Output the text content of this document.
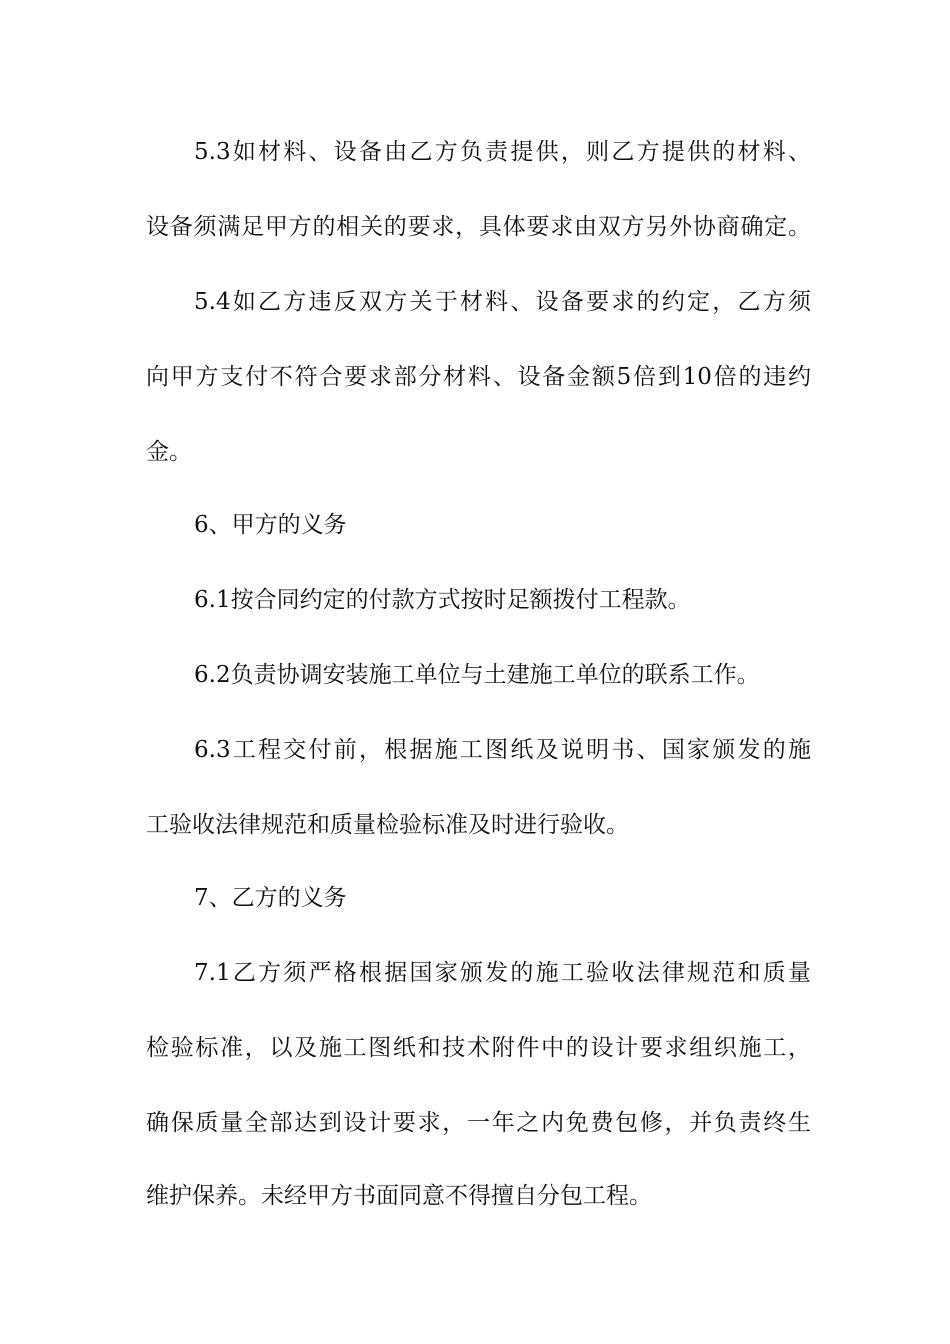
5.3如材料、设备由乙方负责提供，则乙方提供的材料、
设备须满足甲方的相关的要求，具体要求由双方另外协商确定。
5.4如乙方违反双方关于材料、设备要求的约定，乙方须
向甲方支付不符合要求部分材料、设备金额5倍到10倍的违约
金。
6、甲方的义务
6.1按合同约定的付款方式按时足额拨付工程款。
6.2负责协调安装施工单位与土建施工单位的联系工作。
6.3工程交付前，根据施工图纸及说明书、国家颁发的施
工验收法律规范和质量检验标准及时进行验收。
7、乙方的义务
7.1乙方须严格根据国家颁发的施工验收法律规范和质量
检验标准，以及施工图纸和技术附件中的设计要求组织施工，
确保质量全部达到设计要求，一年之内免费包修，并负责终生
维护保养。未经甲方书面同意不得擅自分包工程。
